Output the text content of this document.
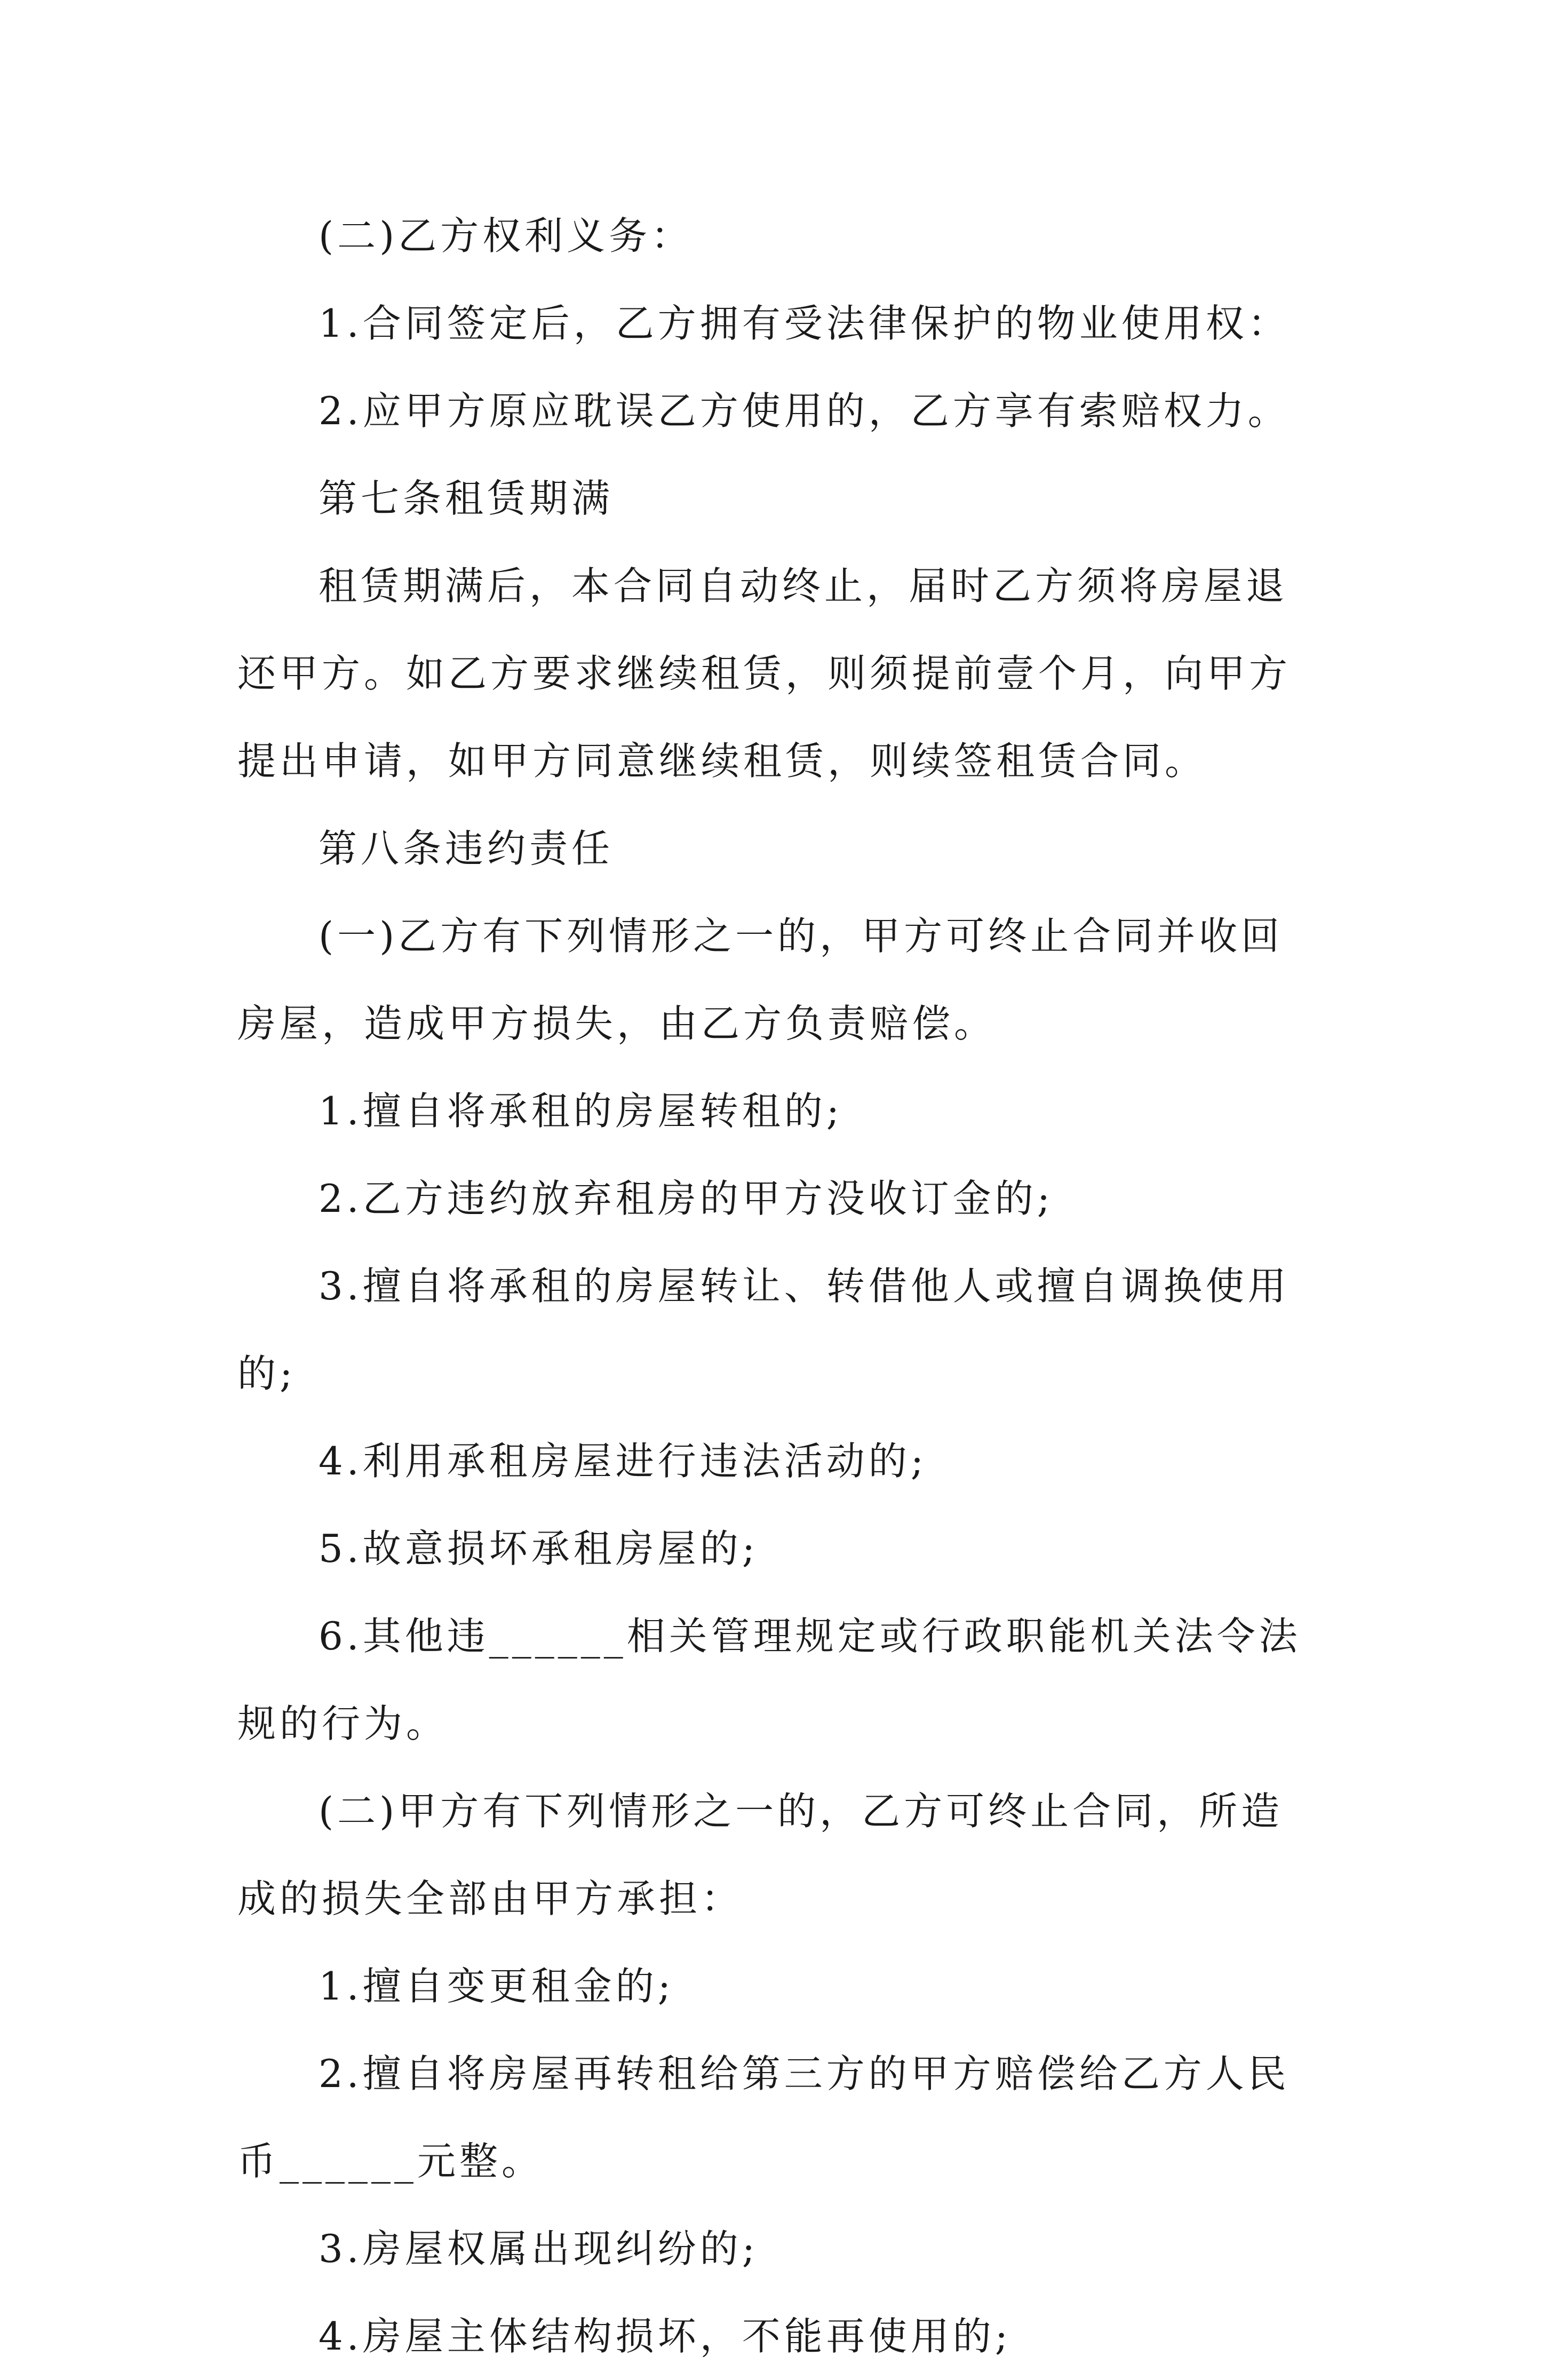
(二)乙方权利义务：

1.合同签定后，乙方拥有受法律保护的物业使用权：

2.应甲方原应耽误乙方使用的，乙方享有索赔权力。

第七条租赁期满

租赁期满后，本合同自动终止，届时乙方须将房屋退还甲方。如乙方要求继续租赁，则须提前壹个月，向甲方提出申请，如甲方同意继续租赁，则续签租赁合同。

第八条违约责任

(一)乙方有下列情形之一的，甲方可终止合同并收回房屋，造成甲方损失，由乙方负责赔偿。

1.擅自将承租的房屋转租的;

2.乙方违约放弃租房的甲方没收订金的;

3.擅自将承租的房屋转让、转借他人或擅自调换使用的;

4.利用承租房屋进行违法活动的;

5.故意损坏承租房屋的;

6.其他违______相关管理规定或行政职能机关法令法规的行为。

(二)甲方有下列情形之一的，乙方可终止合同，所造成的损失全部由甲方承担：

1.擅自变更租金的;

2.擅自将房屋再转租给第三方的甲方赔偿给乙方人民币______元整。

3.房屋权属出现纠纷的;

4.房屋主体结构损坏，不能再使用的;
